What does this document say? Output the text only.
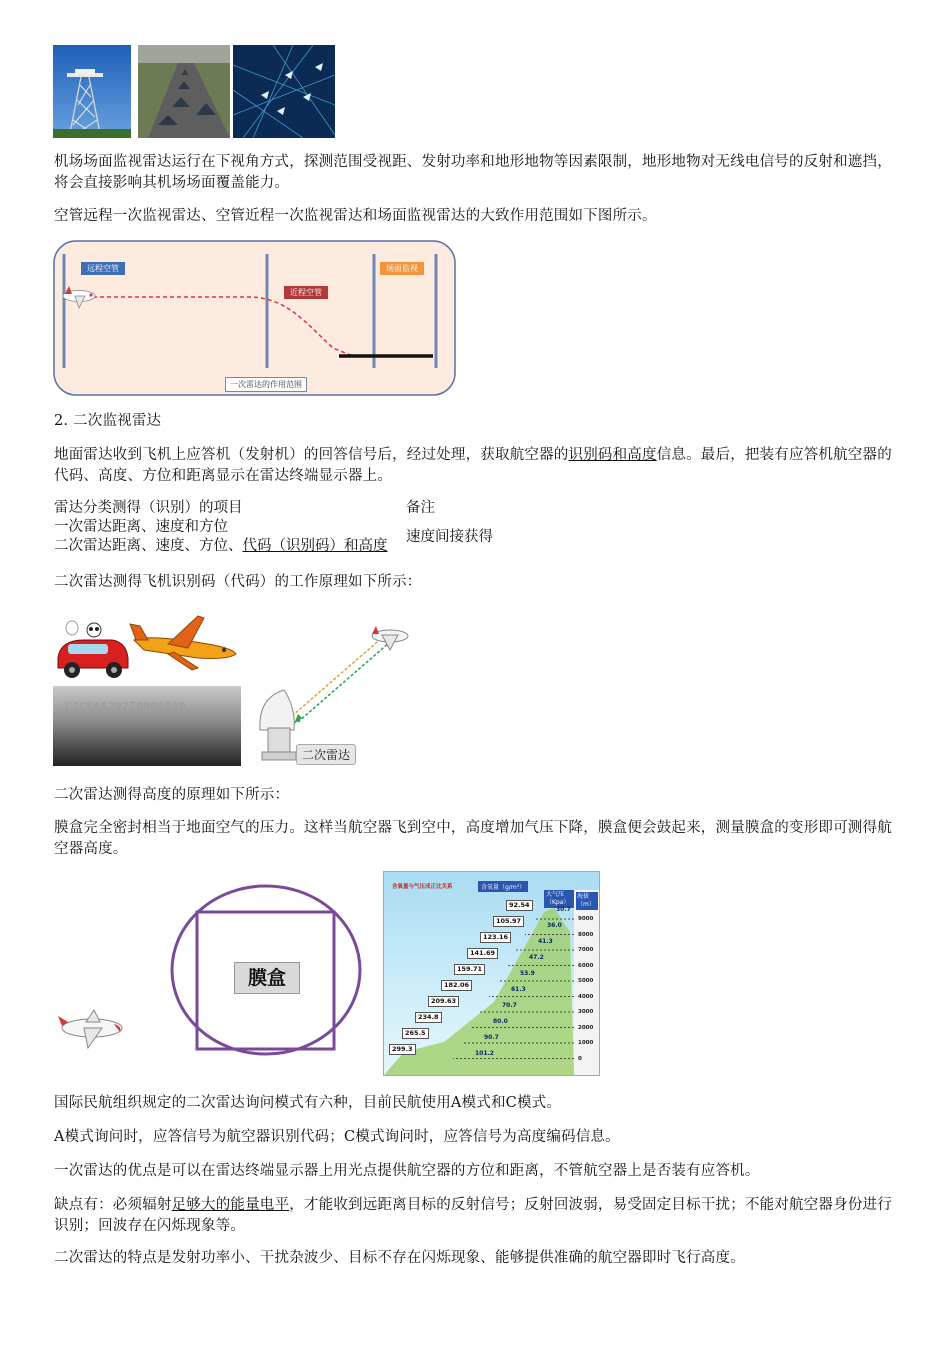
机场场面监视雷达运行在下视角方式，探测范围受视距、发射功率和地形地物等因素限制，地形地物对无线电信号的反射和遮挡，将会直接影响其机场场面覆盖能力。
空管远程一次监视雷达、空管近程一次监视雷达和场面监视雷达的大致作用范围如下图所示。
远程空管
近程空管
场面监视
一次雷达的作用范围
2. 二次监视雷达
地面雷达收到飞机上应答机（发射机）的回答信号后，经过处理，获取航空器的识别码和高度信息。最后，把装有应答机航空器的代码、高度、方位和距离显示在雷达终端显示器上。
雷达分类测得（识别）的项目	备注
一次雷达距离、速度和方位
二次雷达距离、速度、方位、代码（识别码）和高度
速度间接获得
二次雷达测得飞机识别码（代码）的工作原理如下所示：
LJCEAA29270006850
二次雷达
二次雷达测得高度的原理如下所示：
膜盒完全密封相当于地面空气的压力。这样当航空器飞到空中，高度增加气压下降，膜盒便会鼓起来，测量膜盒的变形即可测得航空器高度。
膜盒
含氧量与气压成正比关系	含氧量（g/m³）
大气压（Kpa）
海拔（m）
92.54
105.97
123.16
141.69
159.71
182.06
209.63
234.8
265.5
299.3
30.7
36.0
41.3
47.2
53.9
61.3
70.7
80.0
90.7
101.2
9000
8000
7000
6000
5000
4000
3000
2000
1000
0
国际民航组织规定的二次雷达询问模式有六种，目前民航使用A模式和C模式。
A模式询问时，应答信号为航空器识别代码；C模式询问时，应答信号为高度编码信息。
一次雷达的优点是可以在雷达终端显示器上用光点提供航空器的方位和距离，不管航空器上是否装有应答机。
缺点有：必须辐射足够大的能量电平，才能收到远距离目标的反射信号；反射回波弱，易受固定目标干扰；不能对航空器身份进行识别；回波存在闪烁现象等。
二次雷达的特点是发射功率小、干扰杂波少、目标不存在闪烁现象、能够提供准确的航空器即时飞行高度。
